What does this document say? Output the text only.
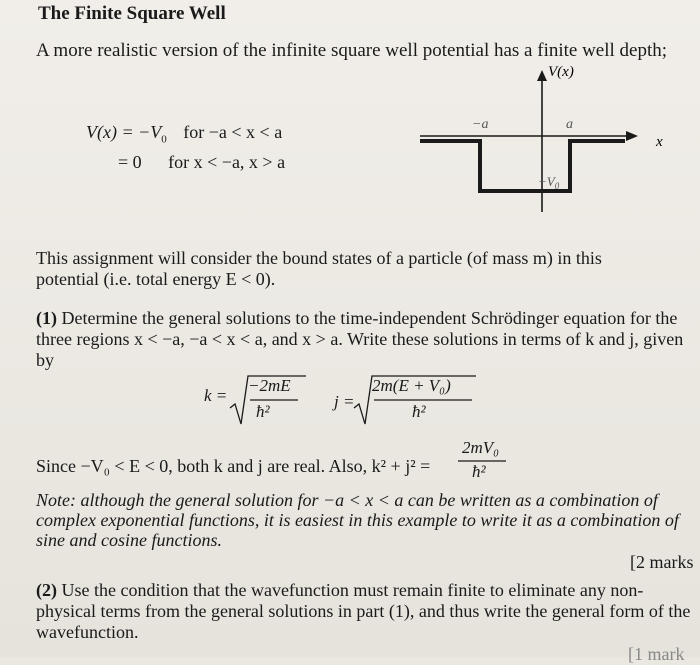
The Finite Square Well
A more realistic version of the infinite square well potential has a finite well depth;
$V(x) = -V_0$ for −a < x < a
= 0 for x < −a, x > a
V(x)
x
−a	a
$-V_0$
This assignment will consider the bound states of a particle (of mass m) in this potential (i.e. total energy E < 0).
(1) Determine the general solutions to the time-independent Schrödinger equation for the three regions x < −a, −a < x < a, and x > a. Write these solutions in terms of k and j, given by
k =
−2mE
ħ²
j =
2m(E + V₀)
ħ²
Since −V₀ < E < 0, both k and j are real. Also, k² + j² =
2mV₀
ħ²
Note: although the general solution for −a < x < a can be written as a combination of complex exponential functions, it is easiest in this example to write it as a combination of sine and cosine functions.
[2 marks
(2) Use the condition that the wavefunction must remain finite to eliminate any non-physical terms from the general solutions in part (1), and thus write the general form of the wavefunction.
[1 mark
